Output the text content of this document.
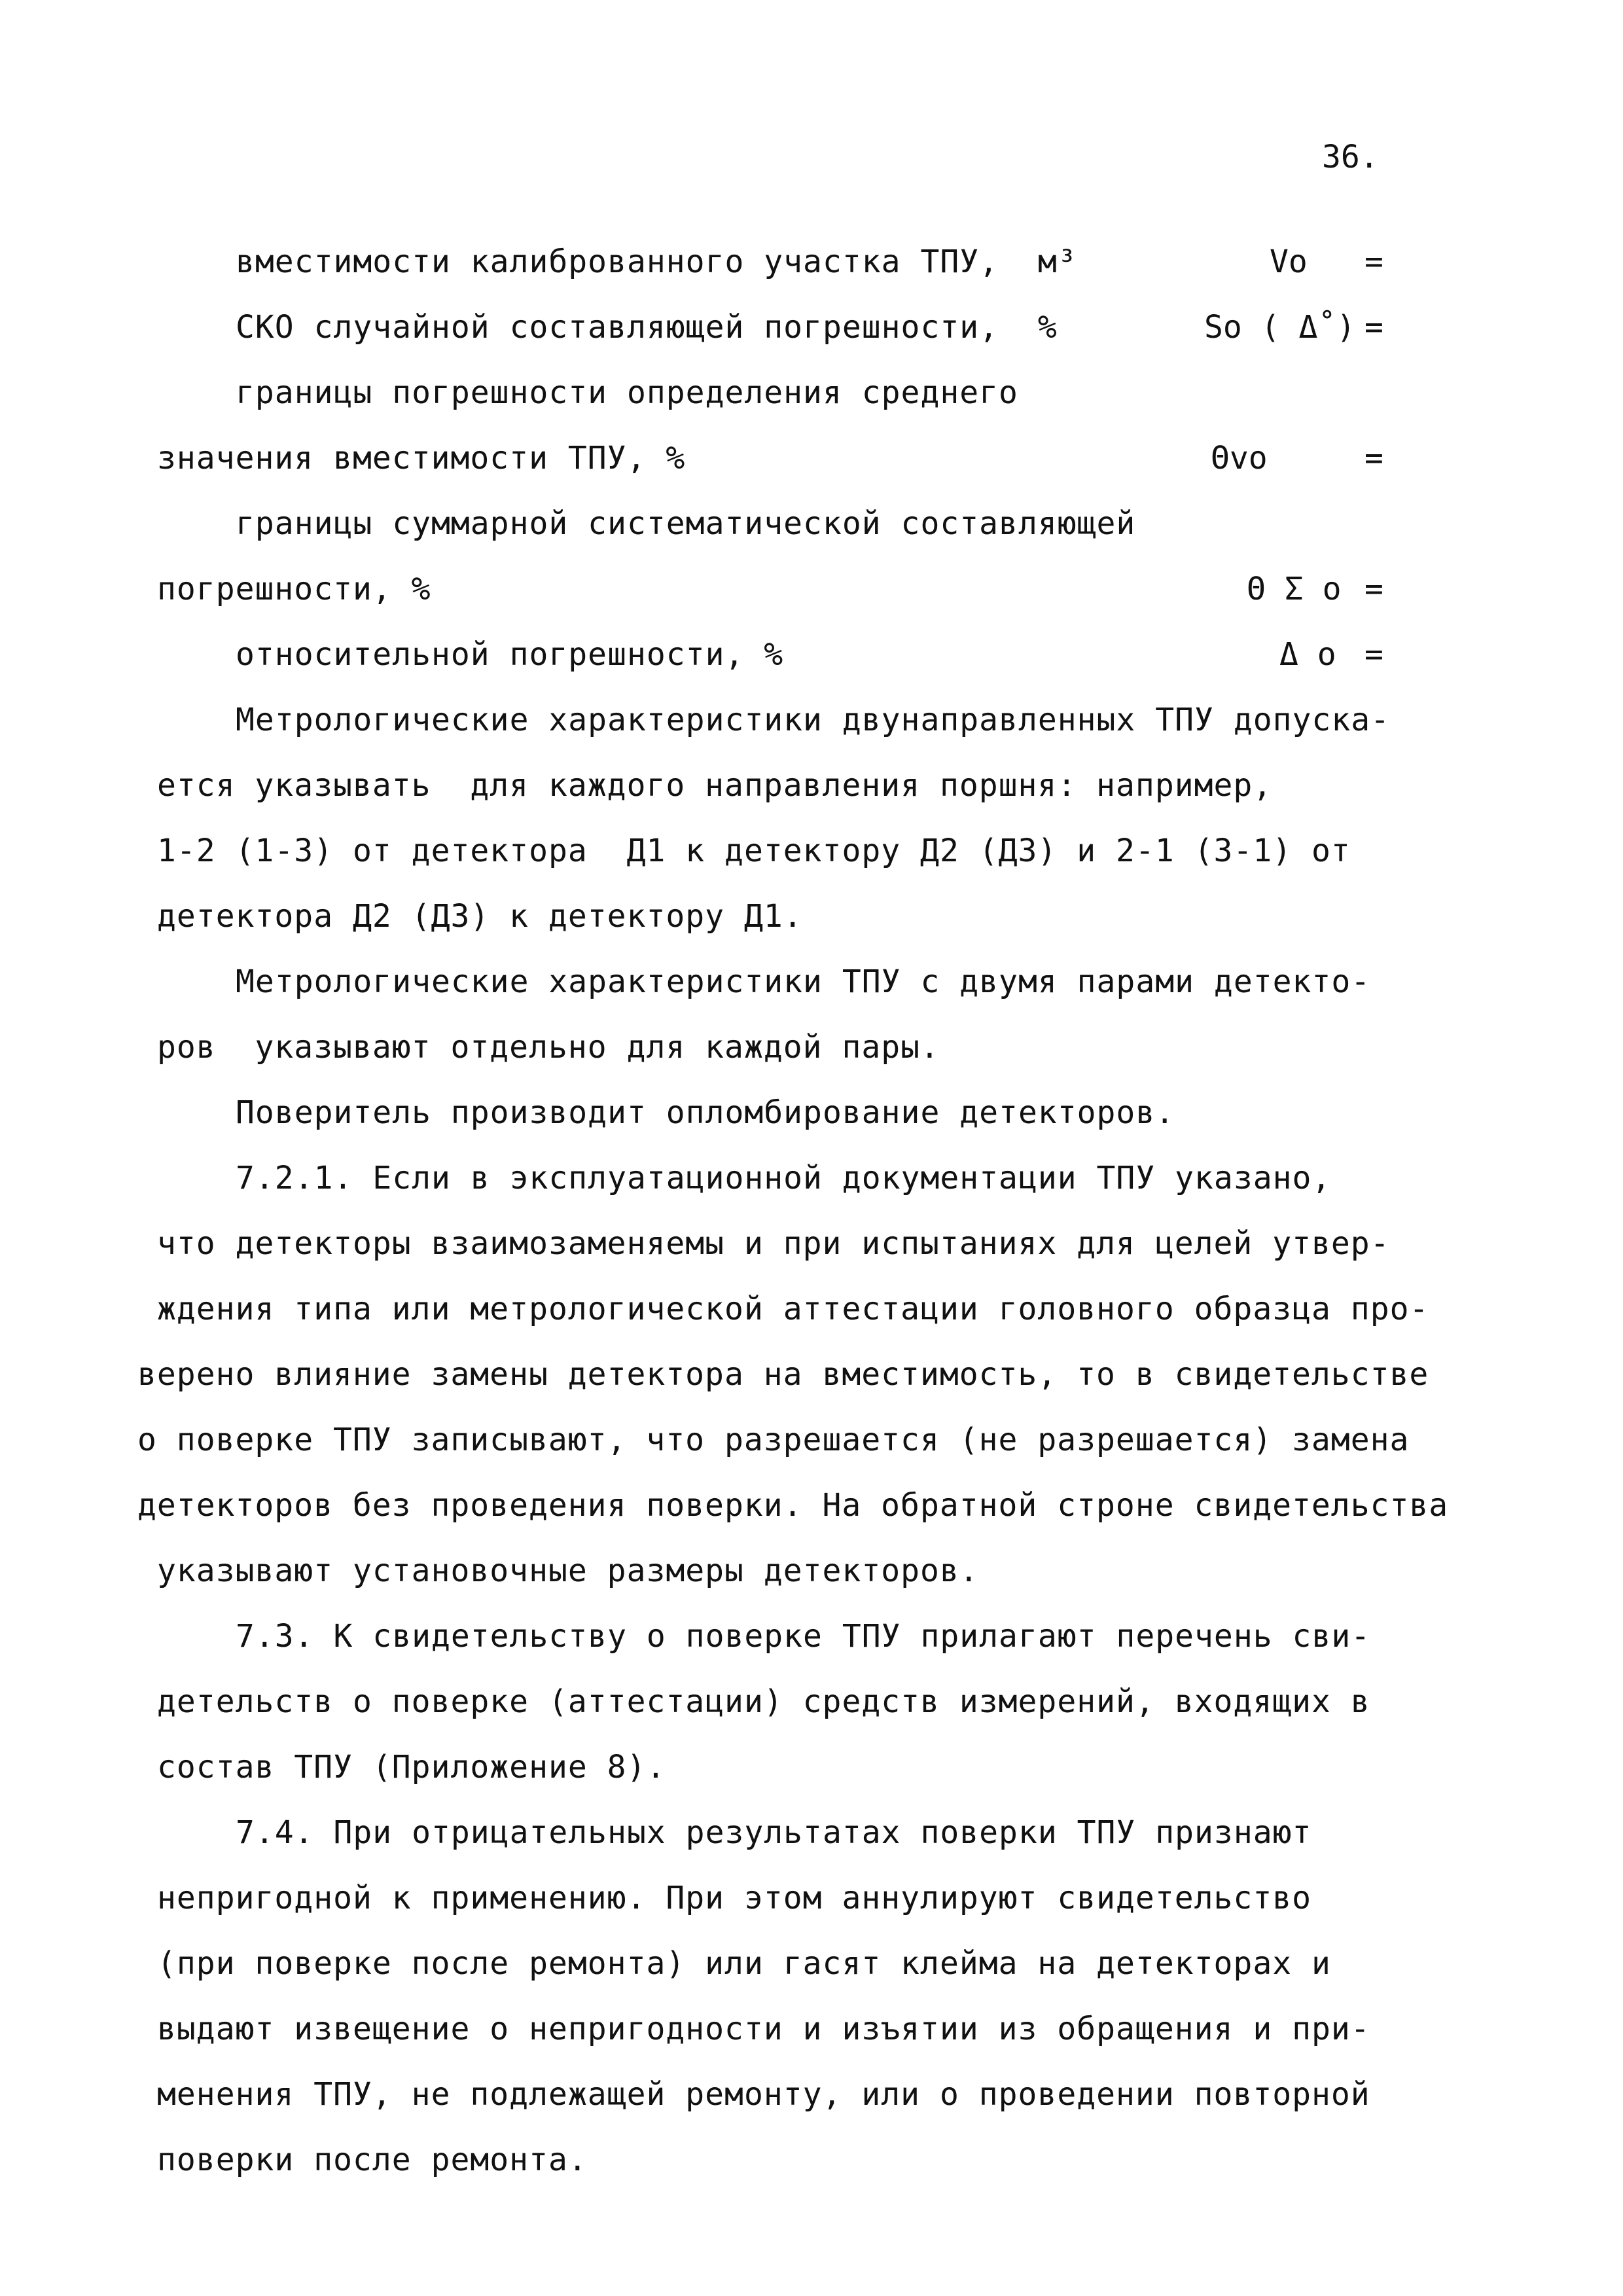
36.
вместимости калиброванного участка ТПУ,  м³	Vo =
СКО случайной составляющей погрешности,  %	So ( Δ̊ ) =
границы погрешности определения среднего
значения вместимости ТПУ, %	Θvo	=
границы суммарной систематической составляющей
погрешности, %	Θ Σ o =
относительной погрешности, %	Δ o =
Метрологические характеристики двунаправленных ТПУ допуска-
ется указывать  для каждого направления поршня: например,
1-2 (1-3) от детектора  Д1 к детектору Д2 (Д3) и 2-1 (3-1) от
детектора Д2 (Д3) к детектору Д1.
Метрологические характеристики ТПУ с двумя парами детекто-
ров  указывают отдельно для каждой пары.
Поверитель производит опломбирование детекторов.
7.2.1. Если в эксплуатационной документации ТПУ указано,
что детекторы взаимозаменяемы и при испытаниях для целей утвер-
ждения типа или метрологической аттестации головного образца про-
верено влияние замены детектора на вместимость, то в свидетельстве
о поверке ТПУ записывают, что разрешается (не разрешается) замена
детекторов без проведения поверки. На обратной строне свидетельства
указывают установочные размеры детекторов.
7.3. К свидетельству о поверке ТПУ прилагают перечень сви-
детельств о поверке (аттестации) средств измерений, входящих в
состав ТПУ (Приложение 8).
7.4. При отрицательных результатах поверки ТПУ признают
непригодной к применению. При этом аннулируют свидетельство
(при поверке после ремонта) или гасят клейма на детекторах и
выдают извещение о непригодности и изъятии из обращения и при-
менения ТПУ, не подлежащей ремонту, или о проведении повторной
поверки после ремонта.
